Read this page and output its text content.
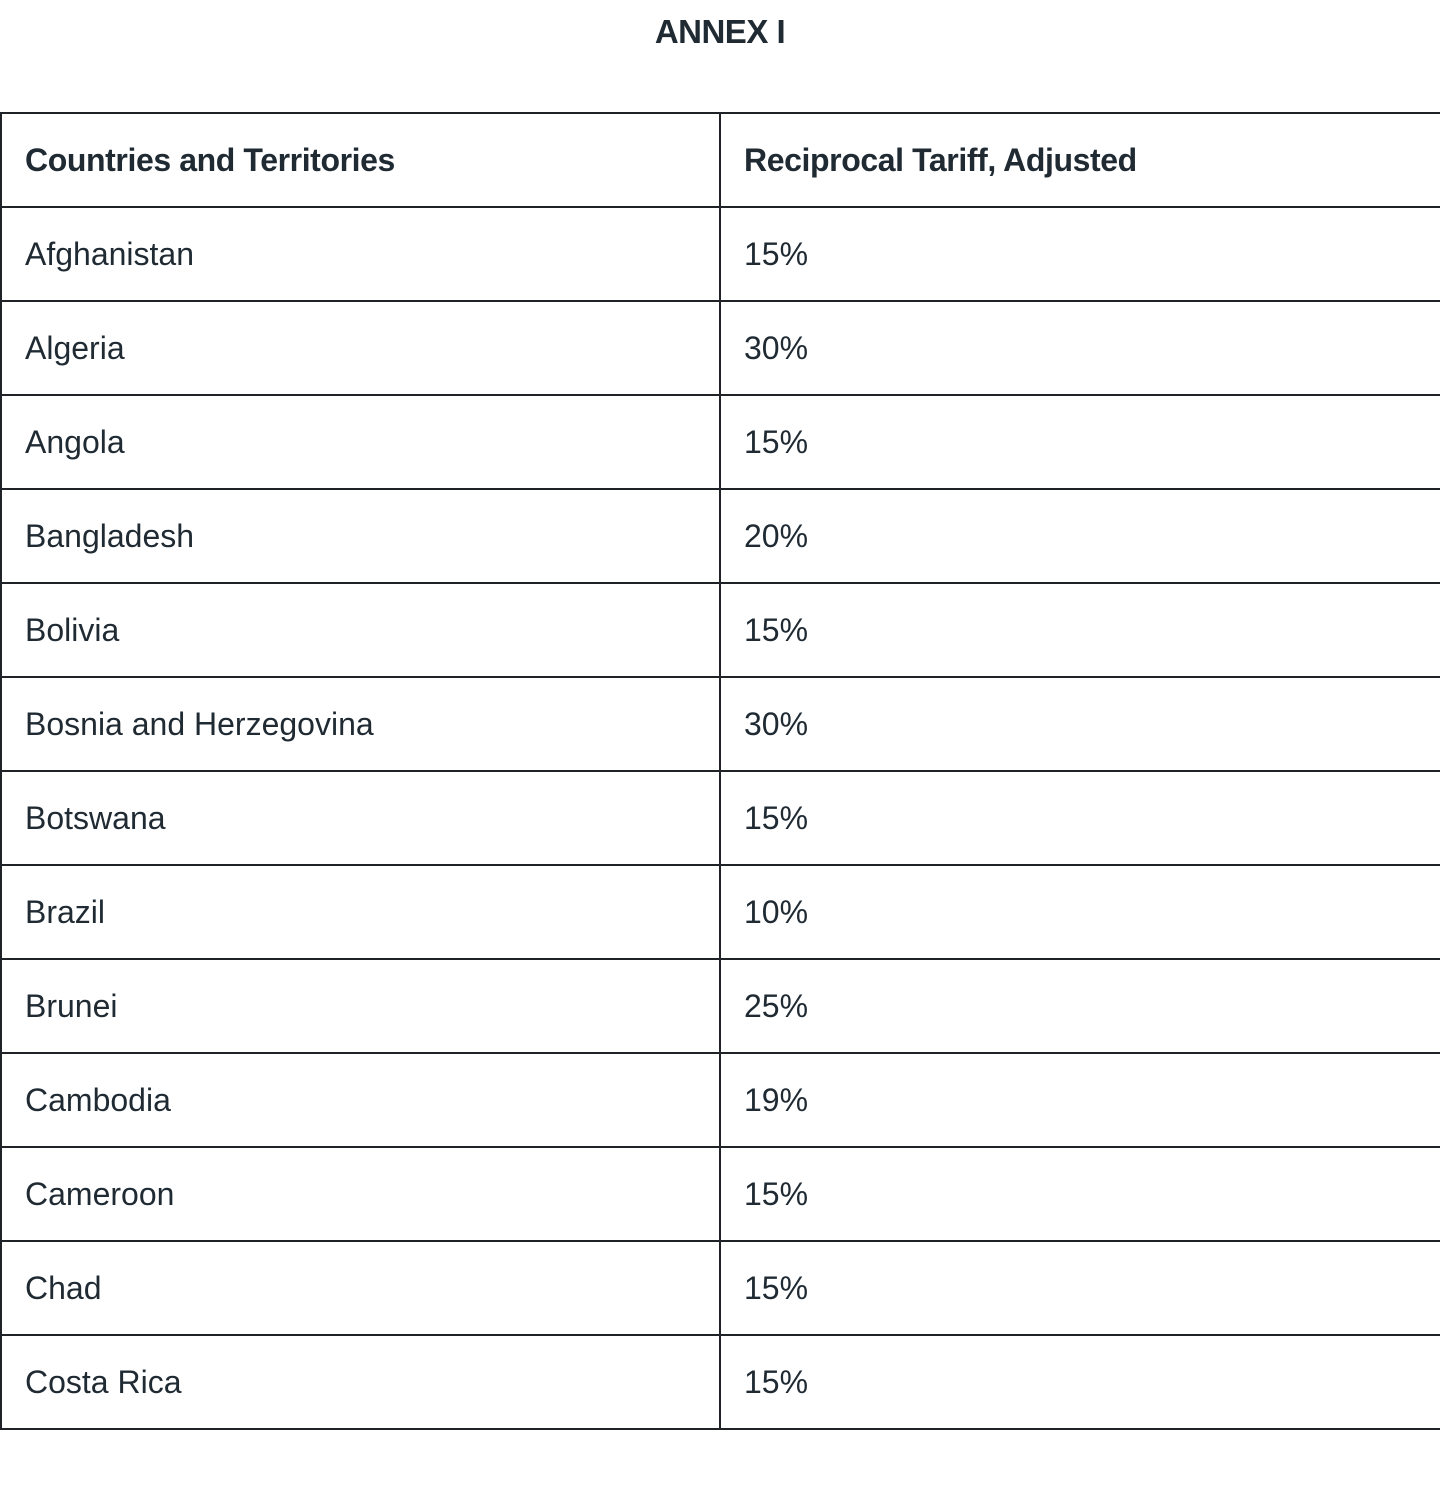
ANNEX I
Countries and Territories	Reciprocal Tariff, Adjusted
Afghanistan	15%
Algeria	30%
Angola	15%
Bangladesh	20%
Bolivia	15%
Bosnia and Herzegovina	30%
Botswana	15%
Brazil	10%
Brunei	25%
Cambodia	19%
Cameroon	15%
Chad	15%
Costa Rica	15%
